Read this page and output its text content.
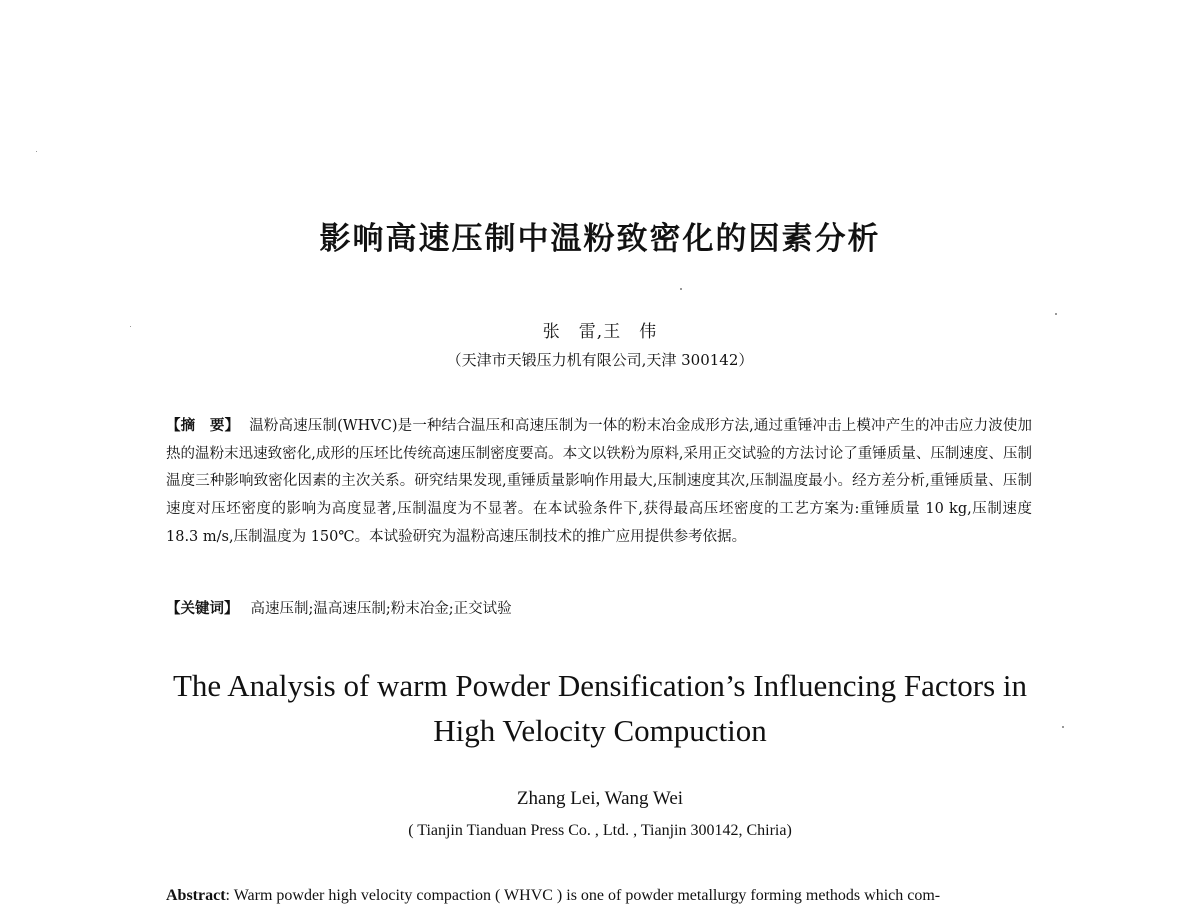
影响高速压制中温粉致密化的因素分析
张　雷,王　伟
（天津市天锻压力机有限公司,天津 300142）
【摘　要】 温粉高速压制(WHVC)是一种结合温压和高速压制为一体的粉末冶金成形方法,通过重锤冲击上模冲产生的冲击应力波使加热的温粉末迅速致密化,成形的压坯比传统高速压制密度要高。本文以铁粉为原料,采用正交试验的方法讨论了重锤质量、压制速度、压制温度三种影响致密化因素的主次关系。研究结果发现,重锤质量影响作用最大,压制速度其次,压制温度最小。经方差分析,重锤质量、压制速度对压坯密度的影响为高度显著,压制温度为不显著。在本试验条件下,获得最高压坯密度的工艺方案为:重锤质量 10 kg,压制速度 18.3 m/s,压制温度为 150℃。本试验研究为温粉高速压制技术的推广应用提供参考依据。
【关键词】 高速压制;温高速压制;粉末冶金;正交试验
The Analysis of warm Powder Densification’s Influencing Factors in
High Velocity Compuction
Zhang Lei, Wang Wei
( Tianjin Tianduan Press Co. , Ltd. , Tianjin 300142, Chiria)
Abstract: Warm powder high velocity compaction ( WHVC ) is one of powder metallurgy forming methods which com-
